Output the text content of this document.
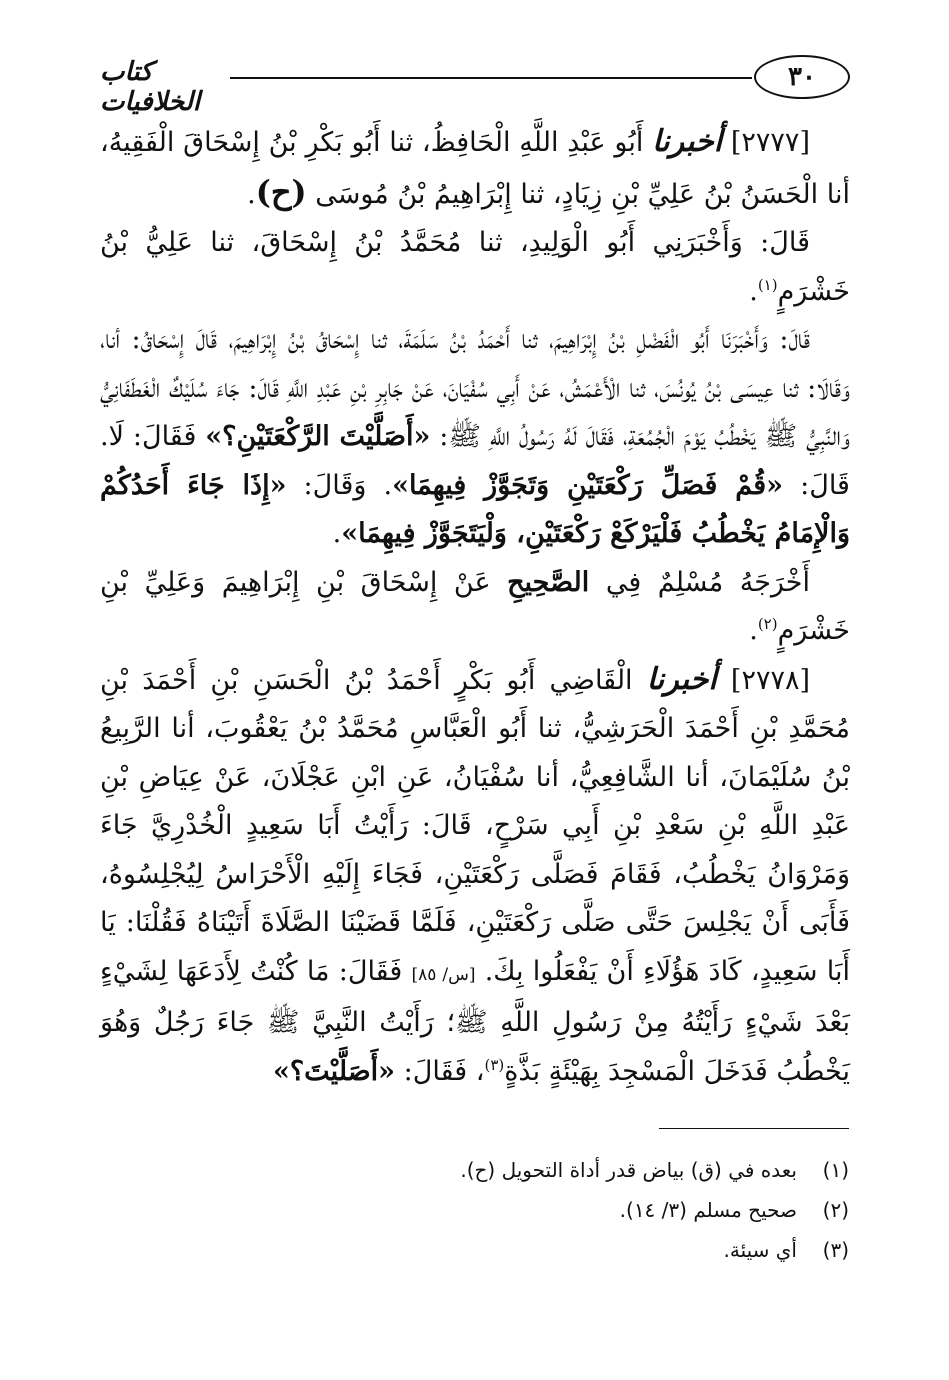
٣٠
كتاب الخلافيات

[٢٧٧٧] أخبرنا أَبُو عَبْدِ اللَّهِ الْحَافِظُ، ثنا أَبُو بَكْرِ بْنُ إِسْحَاقَ الْفَقِيهُ، أنا الْحَسَنُ بْنُ عَلِيِّ بْنِ زِيَادٍ، ثنا إِبْرَاهِيمُ بْنُ مُوسَى (ح).

قَالَ: وَأَخْبَرَنِي أَبُو الْوَلِيدِ، ثنا مُحَمَّدُ بْنُ إِسْحَاقَ، ثنا عَلِيُّ بْنُ خَشْرَمٍ$^{(١)}$.

قَالَ: وَأَخْبَرَنَا أَبُو الْفَضْلِ بْنُ إِبْرَاهِيمَ، ثنا أَحْمَدُ بْنُ سَلَمَةَ، ثنا إِسْحَاقُ بْنُ إِبْرَاهِيمَ، قَالَ إِسْحَاقُ: أنا، وَقَالَا: ثنا عِيسَى بْنُ يُونُسَ، ثنا الْأَعْمَشُ، عَنْ أَبِي سُفْيَانَ، عَنْ جَابِرِ بْنِ عَبْدِ اللَّهِ قَالَ: جَاءَ سُلَيْكٌ الْغَطَفَانِيُّ وَالنَّبِيُّ ﷺ يَخْطُبُ يَوْمَ الْجُمُعَةِ، فَقَالَ لَهُ رَسُولُ اللَّهِ ﷺ: «أَصَلَّيْتَ الرَّكْعَتَيْنِ؟» فَقَالَ: لَا. قَالَ: «قُمْ فَصَلِّ رَكْعَتَيْنِ وَتَجَوَّزْ فِيهِمَا». وَقَالَ: «إِذَا جَاءَ أَحَدُكُمْ وَالْإِمَامُ يَخْطُبُ فَلْيَرْكَعْ رَكْعَتَيْنِ، وَلْيَتَجَوَّزْ فِيهِمَا».

أَخْرَجَهُ مُسْلِمٌ فِي الصَّحِيحِ عَنْ إِسْحَاقَ بْنِ إِبْرَاهِيمَ وَعَلِيِّ بْنِ خَشْرَمٍ$^{(٢)}$.

[٢٧٧٨] أخبرنا الْقَاضِي أَبُو بَكْرٍ أَحْمَدُ بْنُ الْحَسَنِ بْنِ أَحْمَدَ بْنِ مُحَمَّدِ بْنِ أَحْمَدَ الْحَرَشِيُّ، ثنا أَبُو الْعَبَّاسِ مُحَمَّدُ بْنُ يَعْقُوبَ، أنا الرَّبِيعُ بْنُ سُلَيْمَانَ، أنا الشَّافِعِيُّ، أنا سُفْيَانُ، عَنِ ابْنِ عَجْلَانَ، عَنْ عِيَاضِ بْنِ عَبْدِ اللَّهِ بْنِ سَعْدِ بْنِ أَبِي سَرْحٍ، قَالَ: رَأَيْتُ أَبَا سَعِيدٍ الْخُدْرِيَّ جَاءَ وَمَرْوَانُ يَخْطُبُ، فَقَامَ فَصَلَّى رَكْعَتَيْنِ، فَجَاءَ إِلَيْهِ الْأَحْرَاسُ لِيُجْلِسُوهُ، فَأَبَى أَنْ يَجْلِسَ حَتَّى صَلَّى رَكْعَتَيْنِ، فَلَمَّا قَضَيْنَا الصَّلَاةَ أَتَيْنَاهُ فَقُلْنَا: يَا أَبَا سَعِيدٍ، كَادَ هَؤُلَاءِ أَنْ يَفْعَلُوا بِكَ. [س/ ٨٥] فَقَالَ: مَا كُنْتُ لِأَدَعَهَا لِشَيْءٍ بَعْدَ شَيْءٍ رَأَيْتُهُ مِنْ رَسُولِ اللَّهِ ﷺ؛ رَأَيْتُ النَّبِيَّ ﷺ جَاءَ رَجُلٌ وَهُوَ يَخْطُبُ فَدَخَلَ الْمَسْجِدَ بِهَيْئَةٍ بَذَّةٍ$^{(٣)}$، فَقَالَ: «أَصَلَّيْتَ؟»

(١)
بعده في (ق) بياض قدر أداة التحويل (ح).
(٢)
صحيح مسلم (٣/ ١٤).
(٣)
أي سيئة.
